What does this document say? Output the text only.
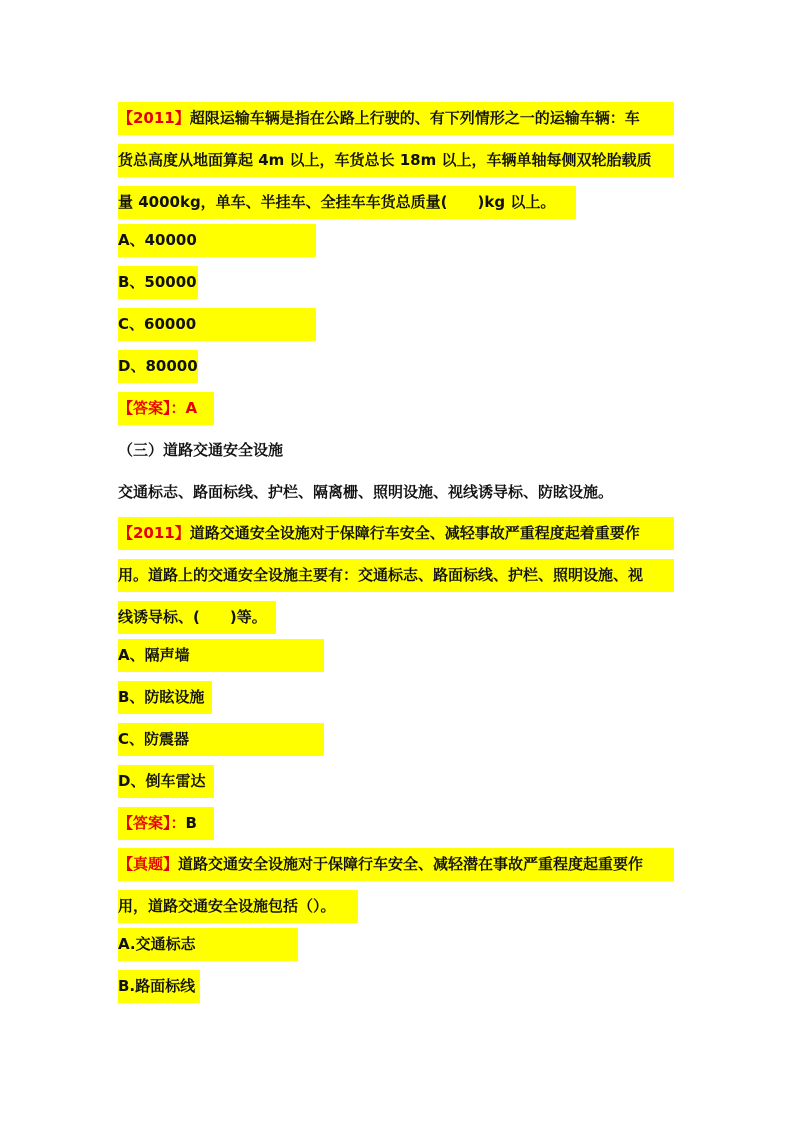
【2011】超限运输车辆是指在公路上行驶的、有下列情形之一的运输车辆：车
货总高度从地面算起 4m 以上，车货总长 18m 以上，车辆单轴每侧双轮胎载质
量 4000kg，单车、半挂车、全挂车车货总质量(　　)kg 以上。
A、40000
B、50000
C、60000
D、80000
【答案】：A
（三）道路交通安全设施
交通标志、路面标线、护栏、隔离栅、照明设施、视线诱导标、防眩设施。
【2011】道路交通安全设施对于保障行车安全、减轻事故严重程度起着重要作
用。道路上的交通安全设施主要有：交通标志、路面标线、护栏、照明设施、视
线诱导标、(　　)等。
A、隔声墙
B、防眩设施
C、防震器
D、倒车雷达
【答案】：B
【真题】道路交通安全设施对于保障行车安全、减轻潜在事故严重程度起重要作
用，道路交通安全设施包括（）。
A.交通标志
B.路面标线
